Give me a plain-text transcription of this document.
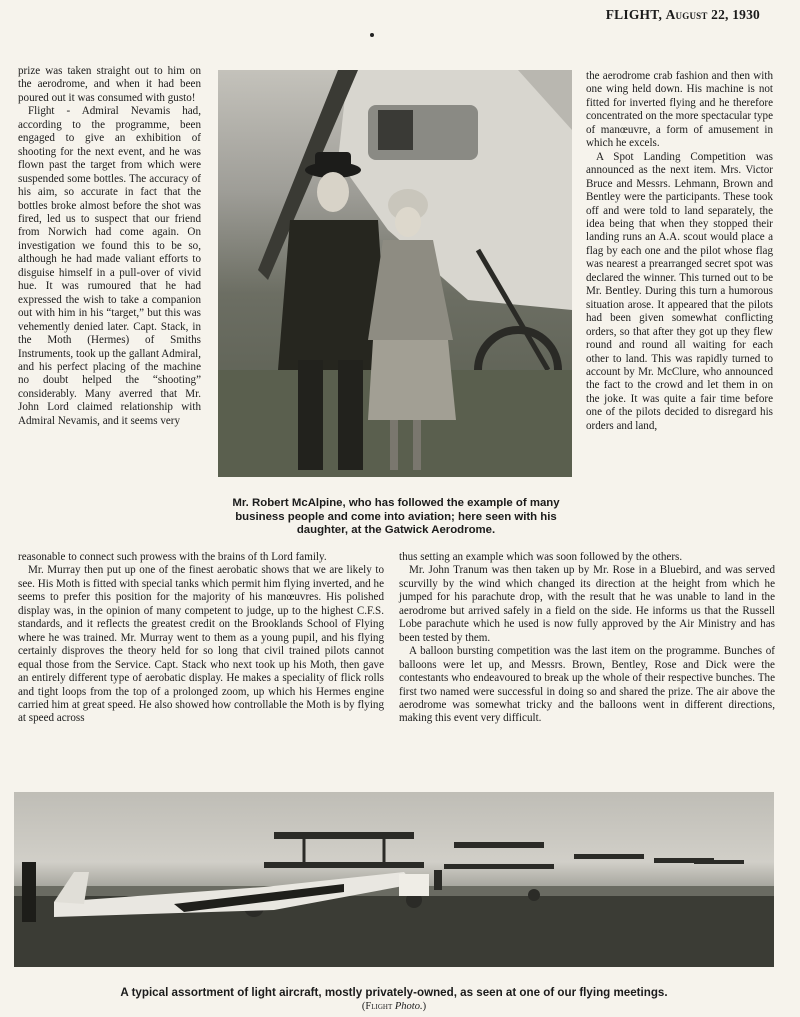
FLIGHT, August 22, 1930

prize was taken straight out to him on the aerodrome, and when it had been poured out it was consumed with gusto!

Flight - Admiral Nevamis had, according to the programme, been engaged to give an exhibition of shooting for the next event, and he was flown past the target from which were suspended some bottles. The accuracy of his aim, so accurate in fact that the bottles broke almost before the shot was fired, led us to suspect that our friend from Norwich had come again. On investigation we found this to be so, although he had made valiant efforts to disguise himself in a pull-over of vivid hue. It was rumoured that he had expressed the wish to take a companion out with him in his “target,” but this was vehemently denied later. Capt. Stack, in the Moth (Hermes) of Smiths Instruments, took up the gallant Admiral, and his perfect placing of the machine no doubt helped the “shooting” considerably. Many averred that Mr. John Lord claimed relationship with Admiral Nevamis, and it seems very

Mr. Robert McAlpine, who has followed the example of many business people and come into aviation; here seen with his daughter, at the Gatwick Aerodrome.

the aerodrome crab fashion and then with one wing held down. His machine is not fitted for inverted flying and he therefore concentrated on the more spectacular type of manœuvre, a form of amusement in which he excels.

A Spot Landing Competition was announced as the next item. Mrs. Victor Bruce and Messrs. Lehmann, Brown and Bentley were the participants. These took off and were told to land separately, the idea being that when they stopped their landing runs an A.A. scout would place a flag by each one and the pilot whose flag was nearest a prearranged secret spot was declared the winner. This turned out to be Mr. Bentley. During this turn a humorous situation arose. It appeared that the pilots had been given somewhat conflicting orders, so that after they got up they flew round and round all waiting for each other to land. This was rapidly turned to account by Mr. McClure, who announced the fact to the crowd and let them in on the joke. It was quite a fair time before one of the pilots decided to disregard his orders and land,

reasonable to connect such prowess with the brains of th Lord family.

Mr. Murray then put up one of the finest aerobatic shows that we are likely to see. His Moth is fitted with special tanks which permit him flying inverted, and he seems to prefer this position for the majority of his manœuvres. His polished display was, in the opinion of many competent to judge, up to the highest C.F.S. standards, and it reflects the greatest credit on the Brooklands School of Flying where he was trained. Mr. Murray went to them as a young pupil, and his flying certainly disproves the theory held for so long that civil trained pilots cannot equal those from the Service. Capt. Stack who next took up his Moth, then gave an entirely different type of aerobatic display. He makes a speciality of flick rolls and tight loops from the top of a prolonged zoom, up which his Hermes engine carried him at great speed. He also showed how controllable the Moth is by flying at speed across

thus setting an example which was soon followed by the others.

Mr. John Tranum was then taken up by Mr. Rose in a Bluebird, and was served scurvilly by the wind which changed its direction at the height from which he jumped for his parachute drop, with the result that he was unable to land in the aerodrome but arrived safely in a field on the side. He informs us that the Russell Lobe parachute which he used is now fully approved by the Air Ministry and has been tested by them.

A balloon bursting competition was the last item on the programme. Bunches of balloons were let up, and Messrs. Brown, Bentley, Rose and Dick were the contestants who endeavoured to break up the whole of their respective bunches. The first two named were successful in doing so and shared the prize. The air above the aerodrome was somewhat tricky and the balloons went in different directions, making this event very difficult.

A typical assortment of light aircraft, mostly privately-owned, as seen at one of our flying meetings.
(Flight Photo.)
